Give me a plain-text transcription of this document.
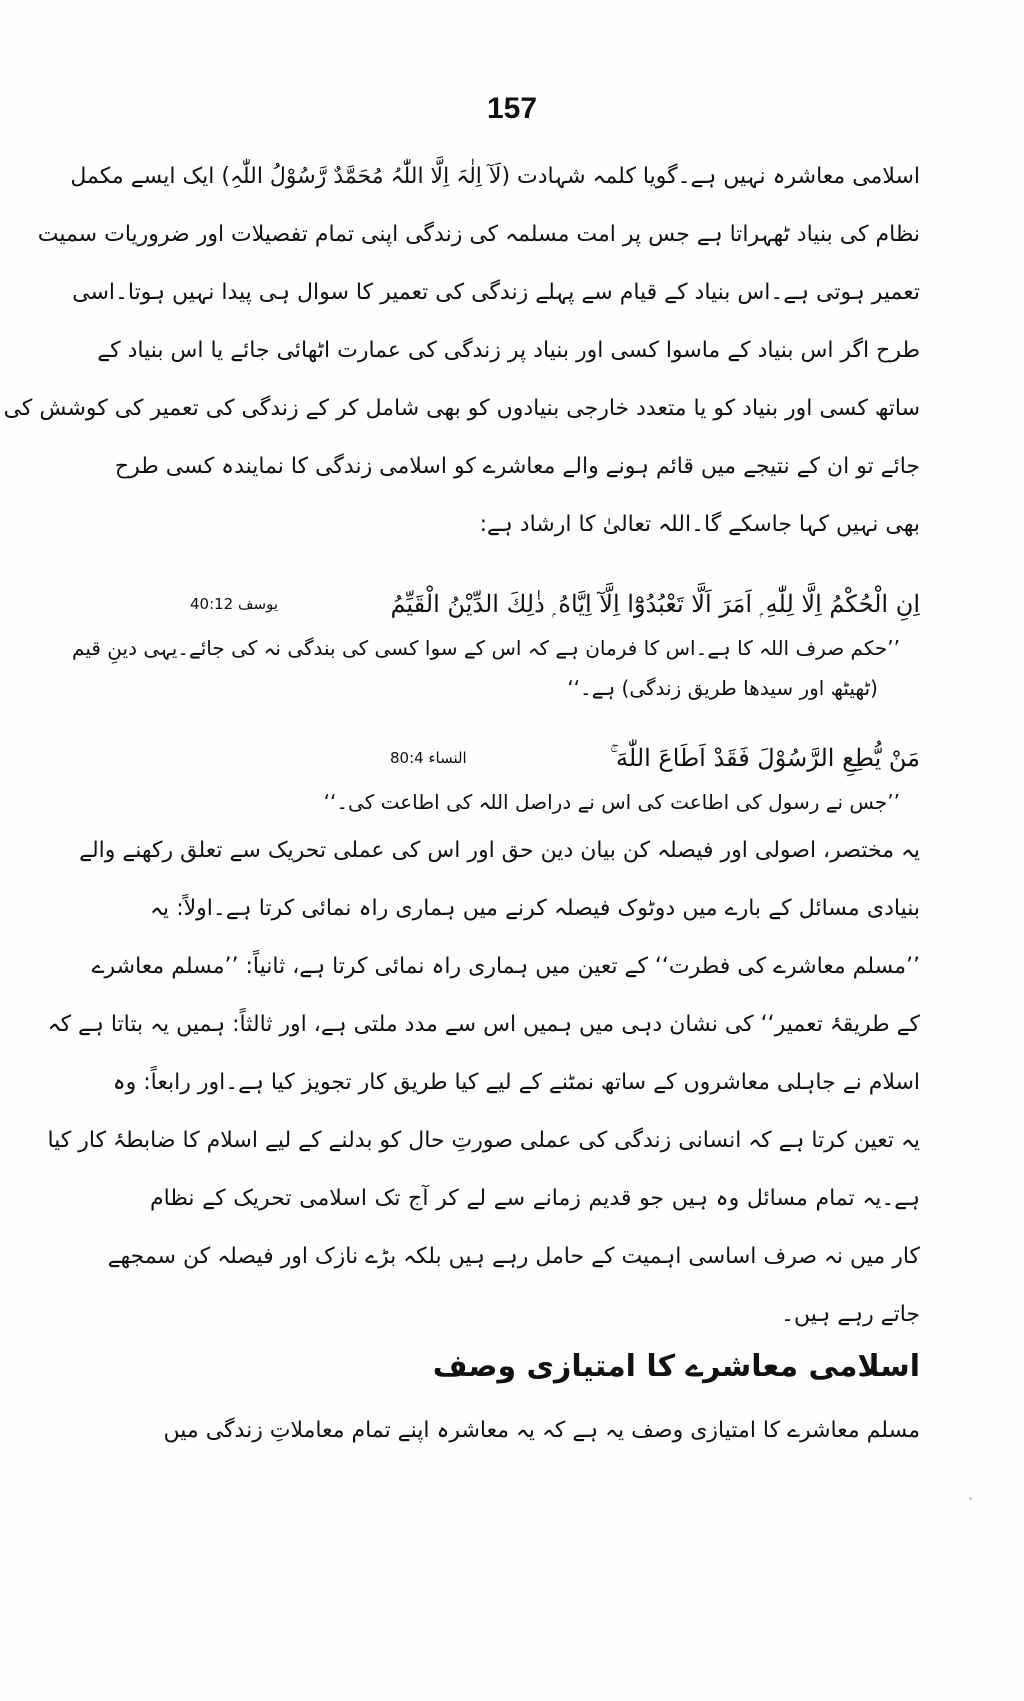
157
اسلامی معاشرہ نہیں ہے۔گویا کلمہ شہادت (لَآ اِلٰہَ اِلَّا اللّٰہُ مُحَمَّدٌ رَّسُوْلُ اللّٰہِ) ایک ایسے مکمل
نظام کی بنیاد ٹھہراتا ہے جس پر امت مسلمہ کی زندگی اپنی تمام تفصیلات اور ضروریات سمیت
تعمیر ہوتی ہے۔اس بنیاد کے قیام سے پہلے زندگی کی تعمیر کا سوال ہی پیدا نہیں ہوتا۔اسی
طرح اگر اس بنیاد کے ماسوا کسی اور بنیاد پر زندگی کی عمارت اٹھائی جائے یا اس بنیاد کے
ساتھ کسی اور بنیاد کو یا متعدد خارجی بنیادوں کو بھی شامل کر کے زندگی کی تعمیر کی کوشش کی
جائے تو ان کے نتیجے میں قائم ہونے والے معاشرے کو اسلامی زندگی کا نمایندہ کسی طرح
بھی نہیں کہا جاسکے گا۔اللہ تعالیٰ کا ارشاد ہے:
اِنِ الْحُكْمُ اِلَّا لِلّٰهِ ۭ اَمَرَ اَلَّا تَعْبُدُوْٓا اِلَّآ اِيَّاهُ ۭ ذٰلِكَ الدِّيْنُ الْقَيِّمُ
یوسف 40:12
’’حکم صرف اللہ کا ہے۔اس کا فرمان ہے کہ اس کے سوا کسی کی بندگی نہ کی جائے۔یہی دینِ قیم
(ٹھیٹھ اور سیدھا طریق زندگی) ہے۔‘‘
مَنْ يُّطِعِ الرَّسُوْلَ فَقَدْ اَطَاعَ اللّٰهَ ۚ
النساء 80:4
’’جس نے رسول کی اطاعت کی اس نے دراصل اللہ کی اطاعت کی۔‘‘
یہ مختصر، اصولی اور فیصلہ کن بیان دین حق اور اس کی عملی تحریک سے تعلق رکھنے والے
بنیادی مسائل کے بارے میں دوٹوک فیصلہ کرنے میں ہماری راہ نمائی کرتا ہے۔اولاً: یہ
’’مسلم معاشرے کی فطرت‘‘ کے تعین میں ہماری راہ نمائی کرتا ہے، ثانیاً: ’’مسلم معاشرے
کے طریقۂ تعمیر‘‘ کی نشان دہی میں ہمیں اس سے مدد ملتی ہے، اور ثالثاً: ہمیں یہ بتاتا ہے کہ
اسلام نے جاہلی معاشروں کے ساتھ نمٹنے کے لیے کیا طریق کار تجویز کیا ہے۔اور رابعاً: وہ
یہ تعین کرتا ہے کہ انسانی زندگی کی عملی صورتِ حال کو بدلنے کے لیے اسلام کا ضابطۂ کار کیا
ہے۔یہ تمام مسائل وہ ہیں جو قدیم زمانے سے لے کر آج تک اسلامی تحریک کے نظام
کار میں نہ صرف اساسی اہمیت کے حامل رہے ہیں بلکہ بڑے نازک اور فیصلہ کن سمجھے
جاتے رہے ہیں۔
اسلامی معاشرے کا امتیازی وصف
مسلم معاشرے کا امتیازی وصف یہ ہے کہ یہ معاشرہ اپنے تمام معاملاتِ زندگی میں
